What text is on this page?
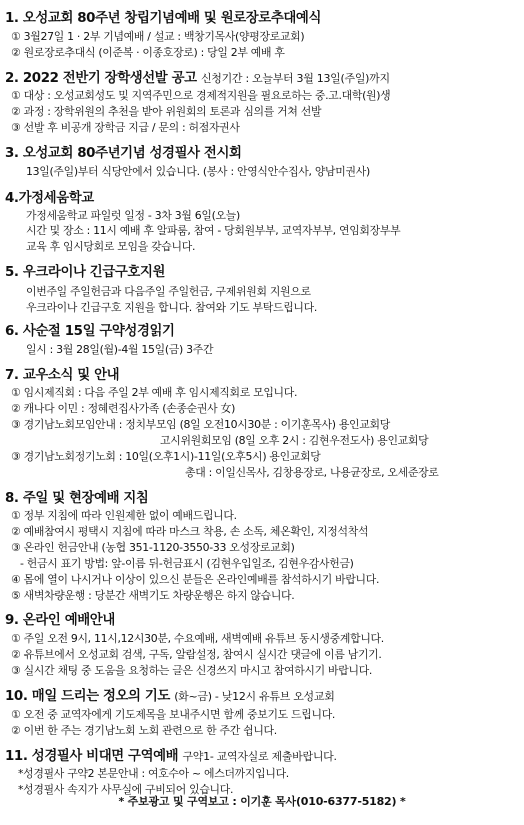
1. 오성교회 80주년 창립기념예배 및 원로장로추대예식
① 3월27일 1 · 2부 기념예배 / 설교 : 백창기목사(양평장로교회)
② 원로장로추대식 (이준복 · 이종호장로) : 당일 2부 예배 후
2. 2022 전반기 장학생선발 공고 신청기간 : 오늘부터 3월 13일(주일)까지
① 대상 : 오성교회성도 및 지역주민으로 경제적지원을 필요로하는 중.고.대학(원)생
② 과정 : 장학위원의 추천을 받아 위원회의 토론과 심의를 거쳐 선발
③ 선발 후 비공개 장학금 지급 / 문의 : 허점자권사
3. 오성교회 80주년기념 성경필사 전시회
13일(주일)부터 식당안에서 있습니다. (봉사 : 안영식안수집사, 양남미권사)
4.가정세움학교
가정세움학교 파일럿 일정 - 3차 3월 6일(오늘)
시간 및 장소 : 11시 예배 후 알파룸, 참여 - 당회원부부, 교역자부부, 연임회장부부
교육 후 임시당회로 모임을 갖습니다.
5. 우크라이나 긴급구호지원
이번주일 주일헌금과 다음주일 주일헌금, 구제위원회 지원으로
우크라이나 긴급구호 지원을 합니다. 참여와 기도 부탁드립니다.
6. 사순절 15일 구약성경읽기
일시 : 3월 28일(월)-4월 15일(금) 3주간
7. 교우소식 및 안내
① 임시제직회 : 다음 주일 2부 예배 후 임시제직회로 모입니다.
② 캐나다 이민 : 정혜련집사가족 (손종순권사 女)
③ 경기남노회모임안내 : 정치부모임 (8일 오전10시30분 : 이기훈목사) 용인교회당
고시위원회모임 (8일 오후 2시 : 김현우전도사) 용인교회당
③ 경기남노회정기노회 : 10일(오후1시)-11일(오후5시) 용인교회당
총대 : 이일신목사, 김창용장로, 나용균장로, 오세준장로
8. 주일 및 현장예배 지침
① 정부 지침에 따라 인원제한 없이 예배드립니다.
② 예배참여시 평택시 지침에 따라 마스크 착용, 손 소독, 체온확인, 지정석착석
③ 온라인 헌금안내 (농협 351-1120-3550-33 오성장로교회)
- 헌금시 표기 방법: 앞-이름 뒤-헌금표시 (김현우입일조, 김현우감사헌금)
④ 몸에 열이 나시거나 이상이 있으신 분들은 온라인예배를 참석하시기 바랍니다.
⑤ 새벽차량운행 : 당분간 새벽기도 차량운행은 하지 않습니다.
9. 온라인 예배안내
① 주일 오전 9시, 11시,12시30분, 수요예배, 새벽예배 유튜브 동시생중계합니다.
② 유튜브에서 오성교회 검색, 구독, 알람설정, 참여시 실시간 댓글에 이름 남기기.
③ 실시간 채팅 중 도움을 요청하는 글은 신경쓰지 마시고 참여하시기 바랍니다.
10. 매일 드리는 정오의 기도 (화~금) - 낮12시 유튜브 오성교회
① 오전 중 교역자에게 기도제목을 보내주시면 함께 중보기도 드립니다.
② 이번 한 주는 경기남노회 노회 관련으로 한 주간 쉽니다.
11. 성경필사 비대면 구역예배 구약1- 교역자실로 제출바랍니다.
*성경필사 구약2 본문안내 : 여호수아 ~ 에스더까지입니다.
*성경필사 속지가 사무실에 구비되어 있습니다.
* 주보광고 및 구역보고 : 이기훈 목사(010-6377-5182) *
